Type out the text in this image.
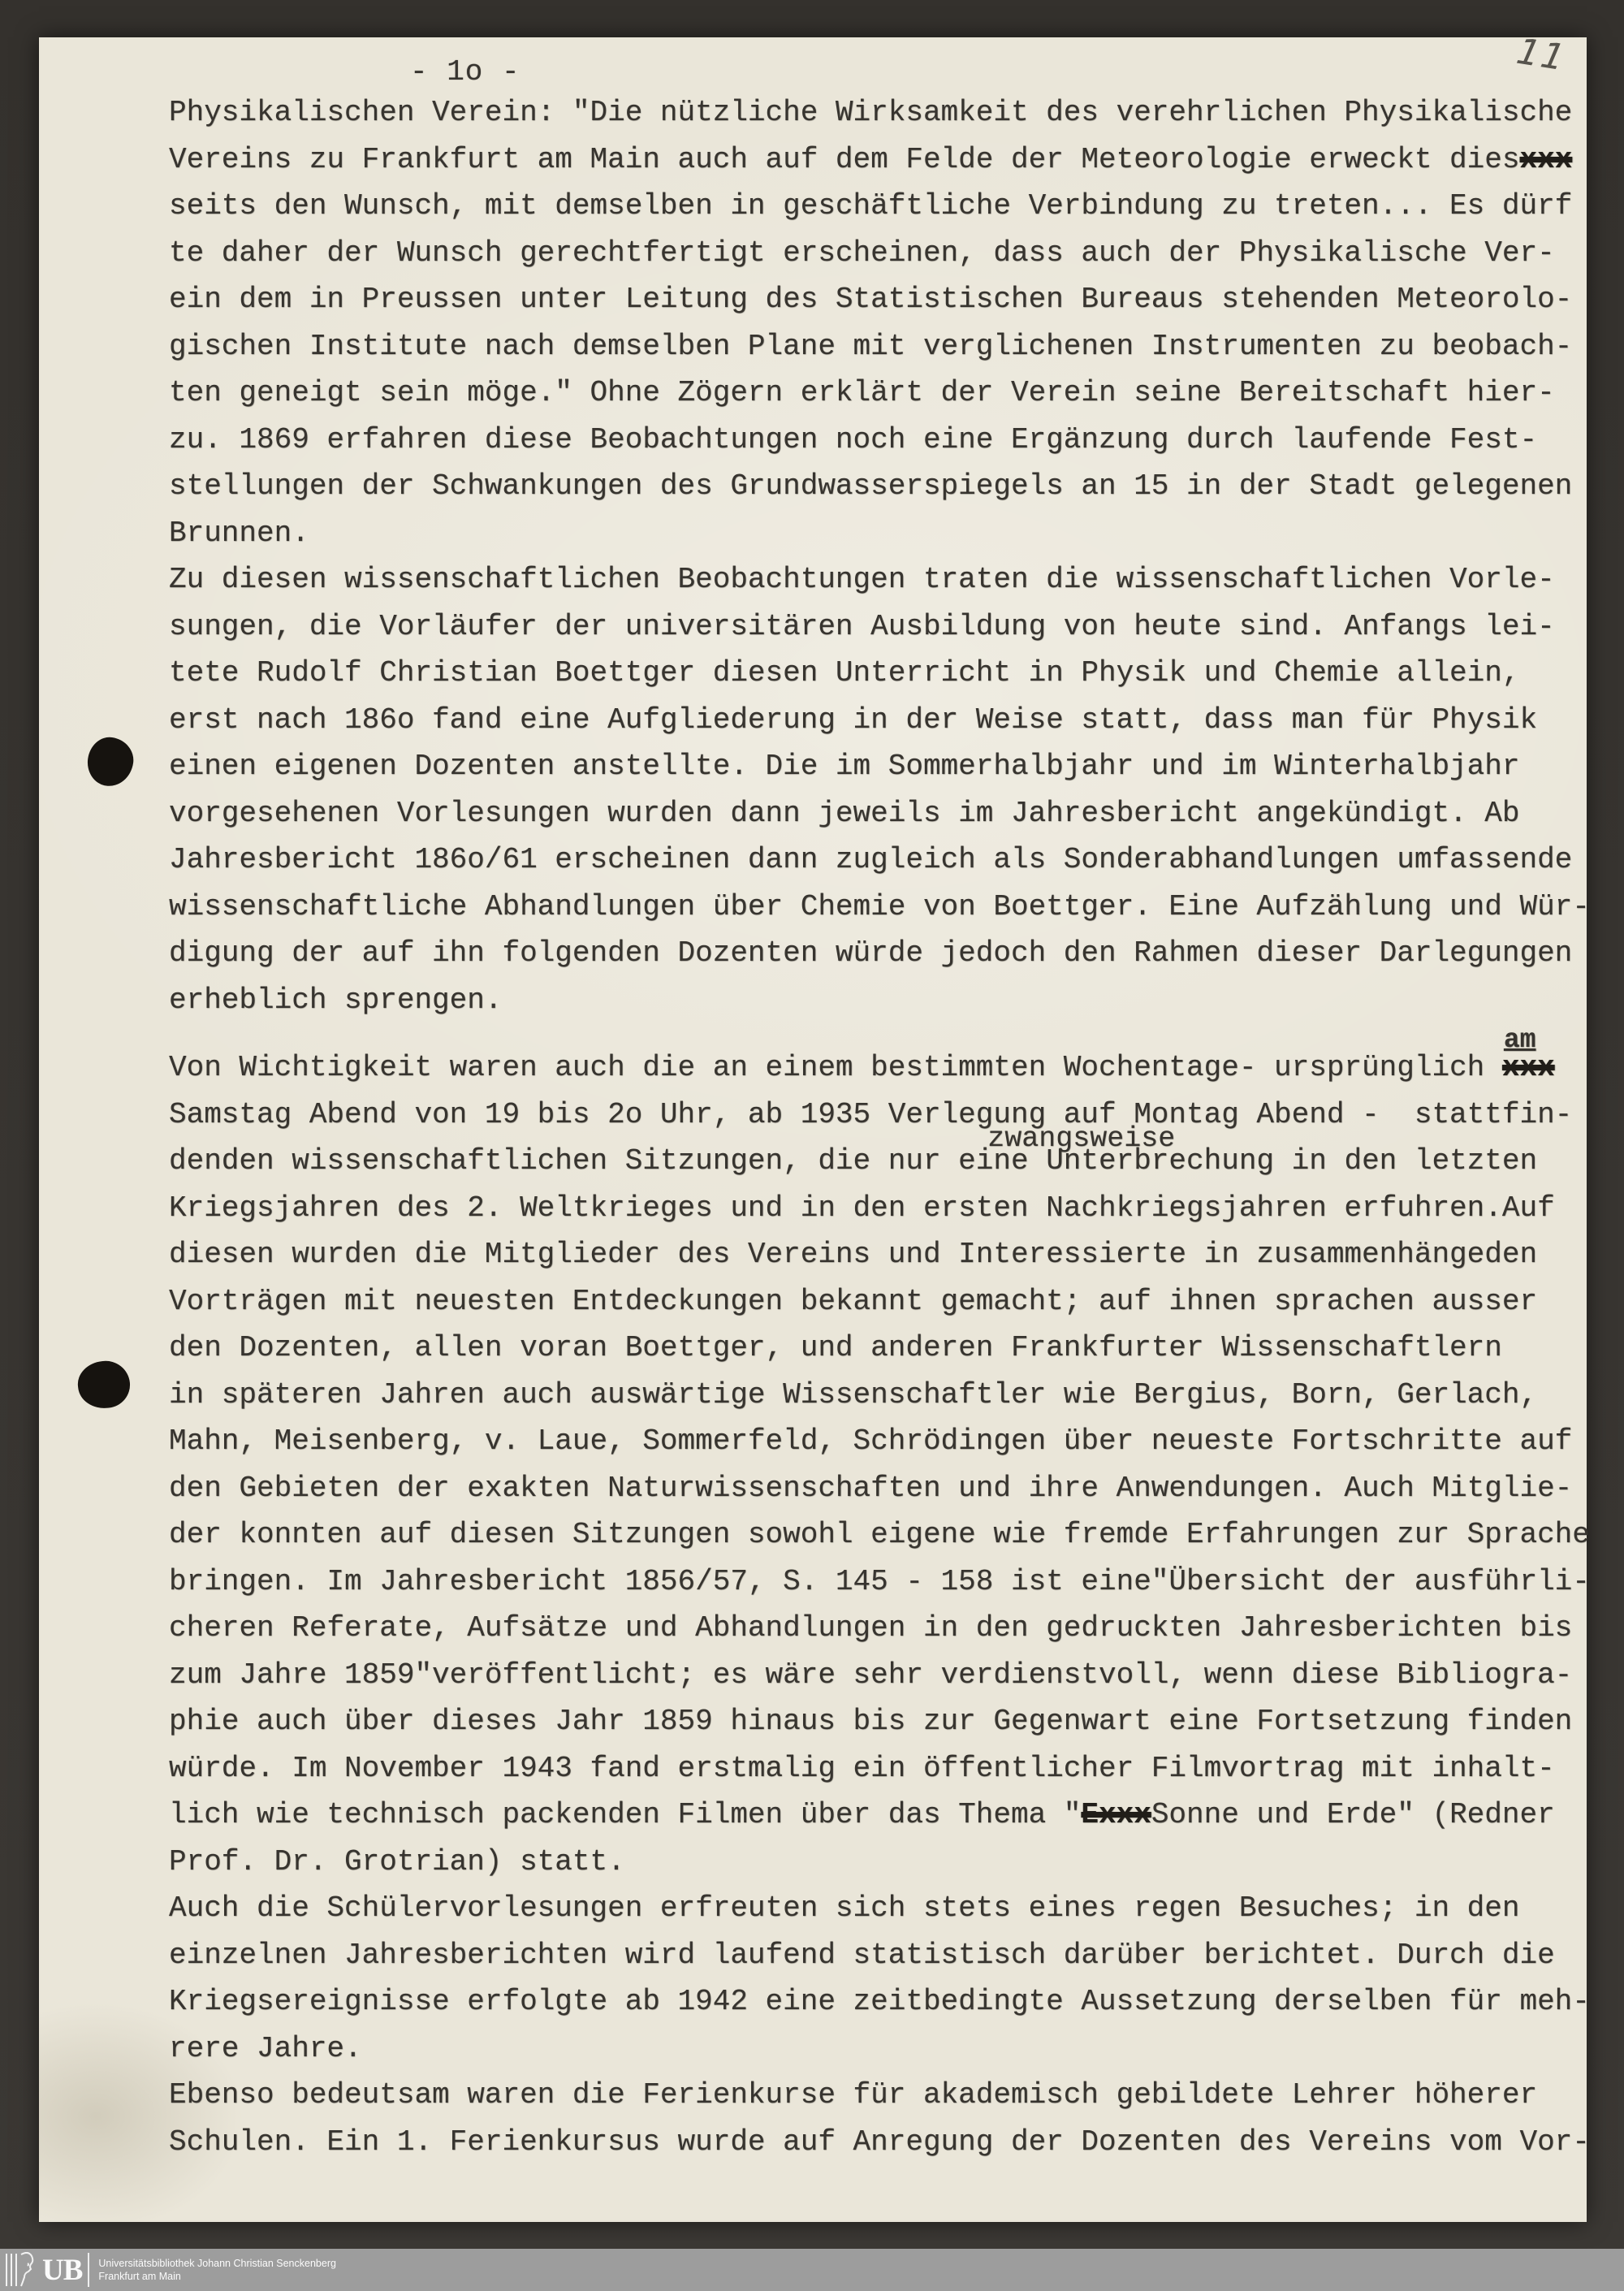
- 1o -	11
Physikalischen Verein: "Die nützliche Wirksamkeit des verehrlichen Physikalische
Vereins zu Frankfurt am Main auch auf dem Felde der Meteorologie erweckt diesxxx
seits den Wunsch, mit demselben in geschäftliche Verbindung zu treten... Es dürf
te daher der Wunsch gerechtfertigt erscheinen, dass auch der Physikalische Ver-
ein dem in Preussen unter Leitung des Statistischen Bureaus stehenden Meteorolo-
gischen Institute nach demselben Plane mit verglichenen Instrumenten zu beobach-
ten geneigt sein möge." Ohne Zögern erklärt der Verein seine Bereitschaft hier-
zu. 1869 erfahren diese Beobachtungen noch eine Ergänzung durch laufende Fest-
stellungen der Schwankungen des Grundwasserspiegels an 15 in der Stadt gelegenen
Brunnen.
Zu diesen wissenschaftlichen Beobachtungen traten die wissenschaftlichen Vorle-
sungen, die Vorläufer der universitären Ausbildung von heute sind. Anfangs lei-
tete Rudolf Christian Boettger diesen Unterricht in Physik und Chemie allein,
erst nach 186o fand eine Aufgliederung in der Weise statt, dass man für Physik
einen eigenen Dozenten anstellte. Die im Sommerhalbjahr und im Winterhalbjahr
vorgesehenen Vorlesungen wurden dann jeweils im Jahresbericht angekündigt. Ab
Jahresbericht 186o/61 erscheinen dann zugleich als Sonderabhandlungen umfassende
wissenschaftliche Abhandlungen über Chemie von Boettger. Eine Aufzählung und Wür-
digung der auf ihn folgenden Dozenten würde jedoch den Rahmen dieser Darlegungen
erheblich sprengen.
Von Wichtigkeit waren auch die an einem bestimmten Wochentage- ursprünglich
am
xxx
Samstag Abend von 19 bis 2o Uhr, ab 1935 Verlegung auf Montag Abend -  stattfin-
denden wissenschaftlichen Sitzungen, die nur eine
zwangsweise
Unterbrechung in den letzten
Kriegsjahren des 2. Weltkrieges und in den ersten Nachkriegsjahren erfuhren.Auf
diesen wurden die Mitglieder des Vereins und Interessierte in zusammenhängeden
Vorträgen mit neuesten Entdeckungen bekannt gemacht; auf ihnen sprachen ausser
den Dozenten, allen voran Boettger, und anderen Frankfurter Wissenschaftlern
in späteren Jahren auch auswärtige Wissenschaftler wie Bergius, Born, Gerlach,
Mahn, Meisenberg, v. Laue, Sommerfeld, Schrödingen über neueste Fortschritte auf
den Gebieten der exakten Naturwissenschaften und ihre Anwendungen. Auch Mitglie-
der konnten auf diesen Sitzungen sowohl eigene wie fremde Erfahrungen zur Sprache
bringen. Im Jahresbericht 1856/57, S. 145 - 158 ist eine"Übersicht der ausführli-
cheren Referate, Aufsätze und Abhandlungen in den gedruckten Jahresberichten bis
zum Jahre 1859"veröffentlicht; es wäre sehr verdienstvoll, wenn diese Bibliogra-
phie auch über dieses Jahr 1859 hinaus bis zur Gegenwart eine Fortsetzung finden
würde. Im November 1943 fand erstmalig ein öffentlicher Filmvortrag mit inhalt-
lich wie technisch packenden Filmen über das Thema "ExxxSonne und Erde" (Redner
Prof. Dr. Grotrian) statt.
Auch die Schülervorlesungen erfreuten sich stets eines regen Besuches; in den
einzelnen Jahresberichten wird laufend statistisch darüber berichtet. Durch die
Kriegsereignisse erfolgte ab 1942 eine zeitbedingte Aussetzung derselben für meh-
rere Jahre.
Ebenso bedeutsam waren die Ferienkurse für akademisch gebildete Lehrer höherer
Schulen. Ein 1. Ferienkursus wurde auf Anregung der Dozenten des Vereins vom Vor-
UB Universitätsbibliothek Johann Christian Senckenberg
Frankfurt am Main
